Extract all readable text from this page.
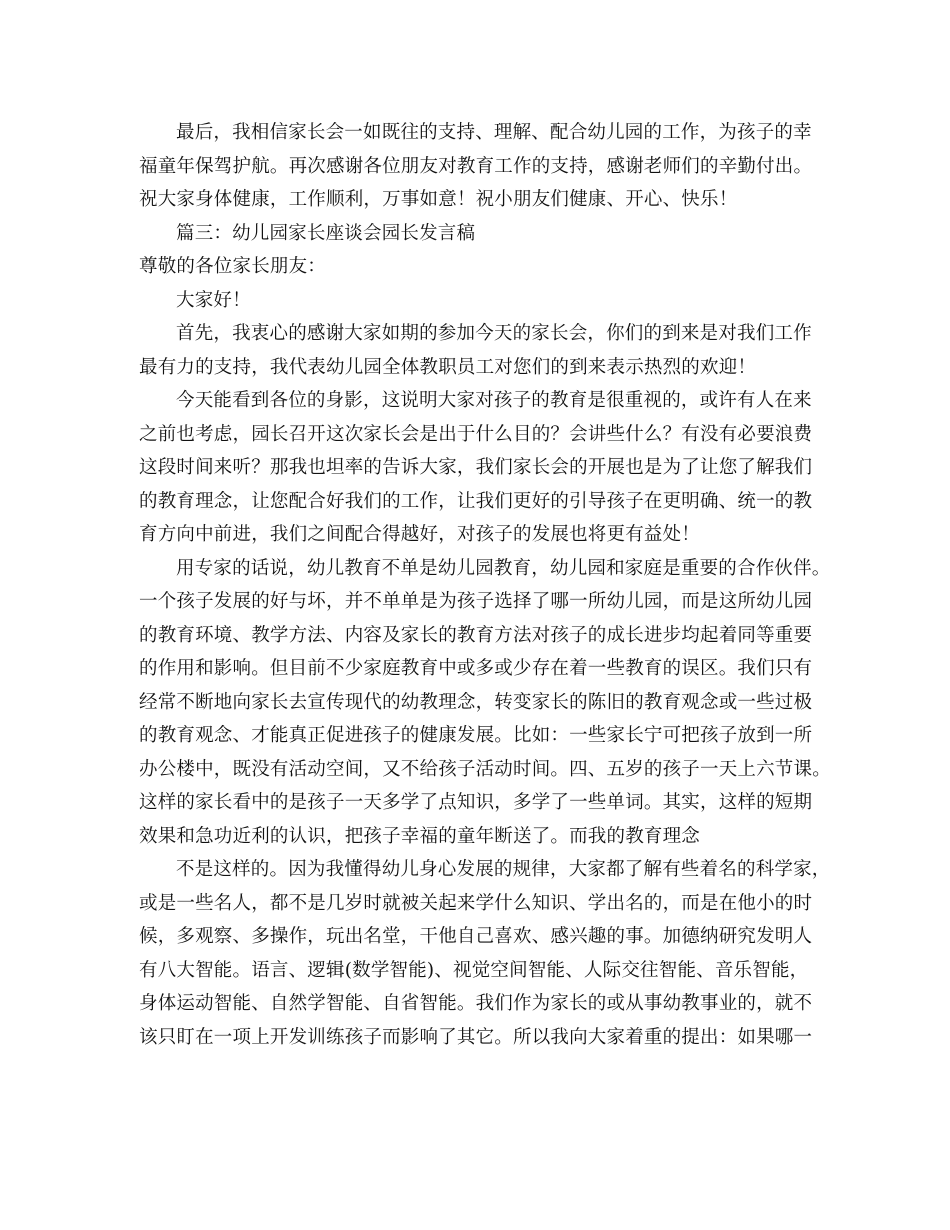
最后，我相信家长会一如既往的支持、理解、配合幼儿园的工作，为孩子的幸
福童年保驾护航。再次感谢各位朋友对教育工作的支持，感谢老师们的辛勤付出。
祝大家身体健康，工作顺利，万事如意！祝小朋友们健康、开心、快乐！
篇三：幼儿园家长座谈会园长发言稿
尊敬的各位家长朋友：
大家好！
首先，我衷心的感谢大家如期的参加今天的家长会，你们的到来是对我们工作
最有力的支持，我代表幼儿园全体教职员工对您们的到来表示热烈的欢迎！
今天能看到各位的身影，这说明大家对孩子的教育是很重视的，或许有人在来
之前也考虑，园长召开这次家长会是出于什么目的？会讲些什么？有没有必要浪费
这段时间来听？那我也坦率的告诉大家，我们家长会的开展也是为了让您了解我们
的教育理念，让您配合好我们的工作，让我们更好的引导孩子在更明确、统一的教
育方向中前进，我们之间配合得越好，对孩子的发展也将更有益处！
用专家的话说，幼儿教育不单是幼儿园教育，幼儿园和家庭是重要的合作伙伴。
一个孩子发展的好与坏，并不单单是为孩子选择了哪一所幼儿园，而是这所幼儿园
的教育环境、教学方法、内容及家长的教育方法对孩子的成长进步均起着同等重要
的作用和影响。但目前不少家庭教育中或多或少存在着一些教育的误区。我们只有
经常不断地向家长去宣传现代的幼教理念，转变家长的陈旧的教育观念或一些过极
的教育观念、才能真正促进孩子的健康发展。比如：一些家长宁可把孩子放到一所
办公楼中，既没有活动空间，又不给孩子活动时间。四、五岁的孩子一天上六节课。
这样的家长看中的是孩子一天多学了点知识，多学了一些单词。其实，这样的短期
效果和急功近利的认识，把孩子幸福的童年断送了。而我的教育理念
不是这样的。因为我懂得幼儿身心发展的规律，大家都了解有些着名的科学家，
或是一些名人，都不是几岁时就被关起来学什么知识、学出名的，而是在他小的时
候，多观察、多操作，玩出名堂，干他自己喜欢、感兴趣的事。加德纳研究发明人
有八大智能。语言、逻辑(数学智能)、视觉空间智能、人际交往智能、音乐智能，
身体运动智能、自然学智能、自省智能。我们作为家长的或从事幼教事业的，就不
该只盯在一项上开发训练孩子而影响了其它。所以我向大家着重的提出：如果哪一
